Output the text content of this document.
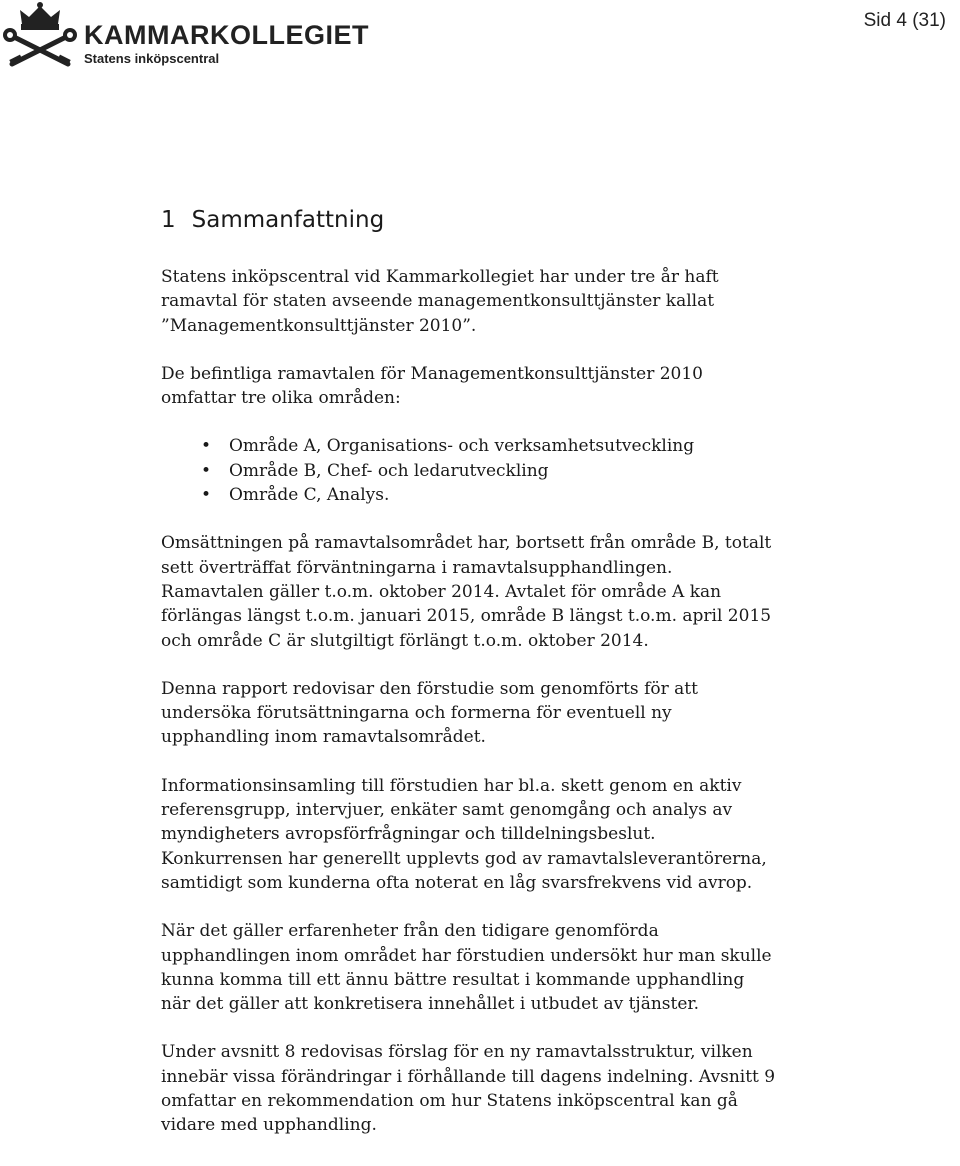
KAMMARKOLLEGIET
Statens inköpscentral
Sid 4 (31)
1 Sammanfattning

Statens inköpscentral vid Kammarkollegiet har under tre år haft
ramavtal för staten avseende managementkonsulttjänster kallat
”Managementkonsulttjänster 2010”.

De befintliga ramavtalen för Managementkonsulttjänster 2010
omfattar tre olika områden:

• Område A, Organisations- och verksamhetsutveckling
• Område B, Chef- och ledarutveckling
• Område C, Analys.

Omsättningen på ramavtalsområdet har, bortsett från område B, totalt
sett överträffat förväntningarna i ramavtalsupphandlingen.
Ramavtalen gäller t.o.m. oktober 2014. Avtalet för område A kan
förlängas längst t.o.m. januari 2015, område B längst t.o.m. april 2015
och område C är slutgiltigt förlängt t.o.m. oktober 2014.

Denna rapport redovisar den förstudie som genomförts för att
undersöka förutsättningarna och formerna för eventuell ny
upphandling inom ramavtalsområdet.

Informationsinsamling till förstudien har bl.a. skett genom en aktiv
referensgrupp, intervjuer, enkäter samt genomgång och analys av
myndigheters avropsförfrågningar och tilldelningsbeslut.
Konkurrensen har generellt upplevts god av ramavtalsleverantörerna,
samtidigt som kunderna ofta noterat en låg svarsfrekvens vid avrop.

När det gäller erfarenheter från den tidigare genomförda
upphandlingen inom området har förstudien undersökt hur man skulle
kunna komma till ett ännu bättre resultat i kommande upphandling
när det gäller att konkretisera innehållet i utbudet av tjänster.

Under avsnitt 8 redovisas förslag för en ny ramavtalsstruktur, vilken
innebär vissa förändringar i förhållande till dagens indelning. Avsnitt 9
omfattar en rekommendation om hur Statens inköpscentral kan gå
vidare med upphandling.
